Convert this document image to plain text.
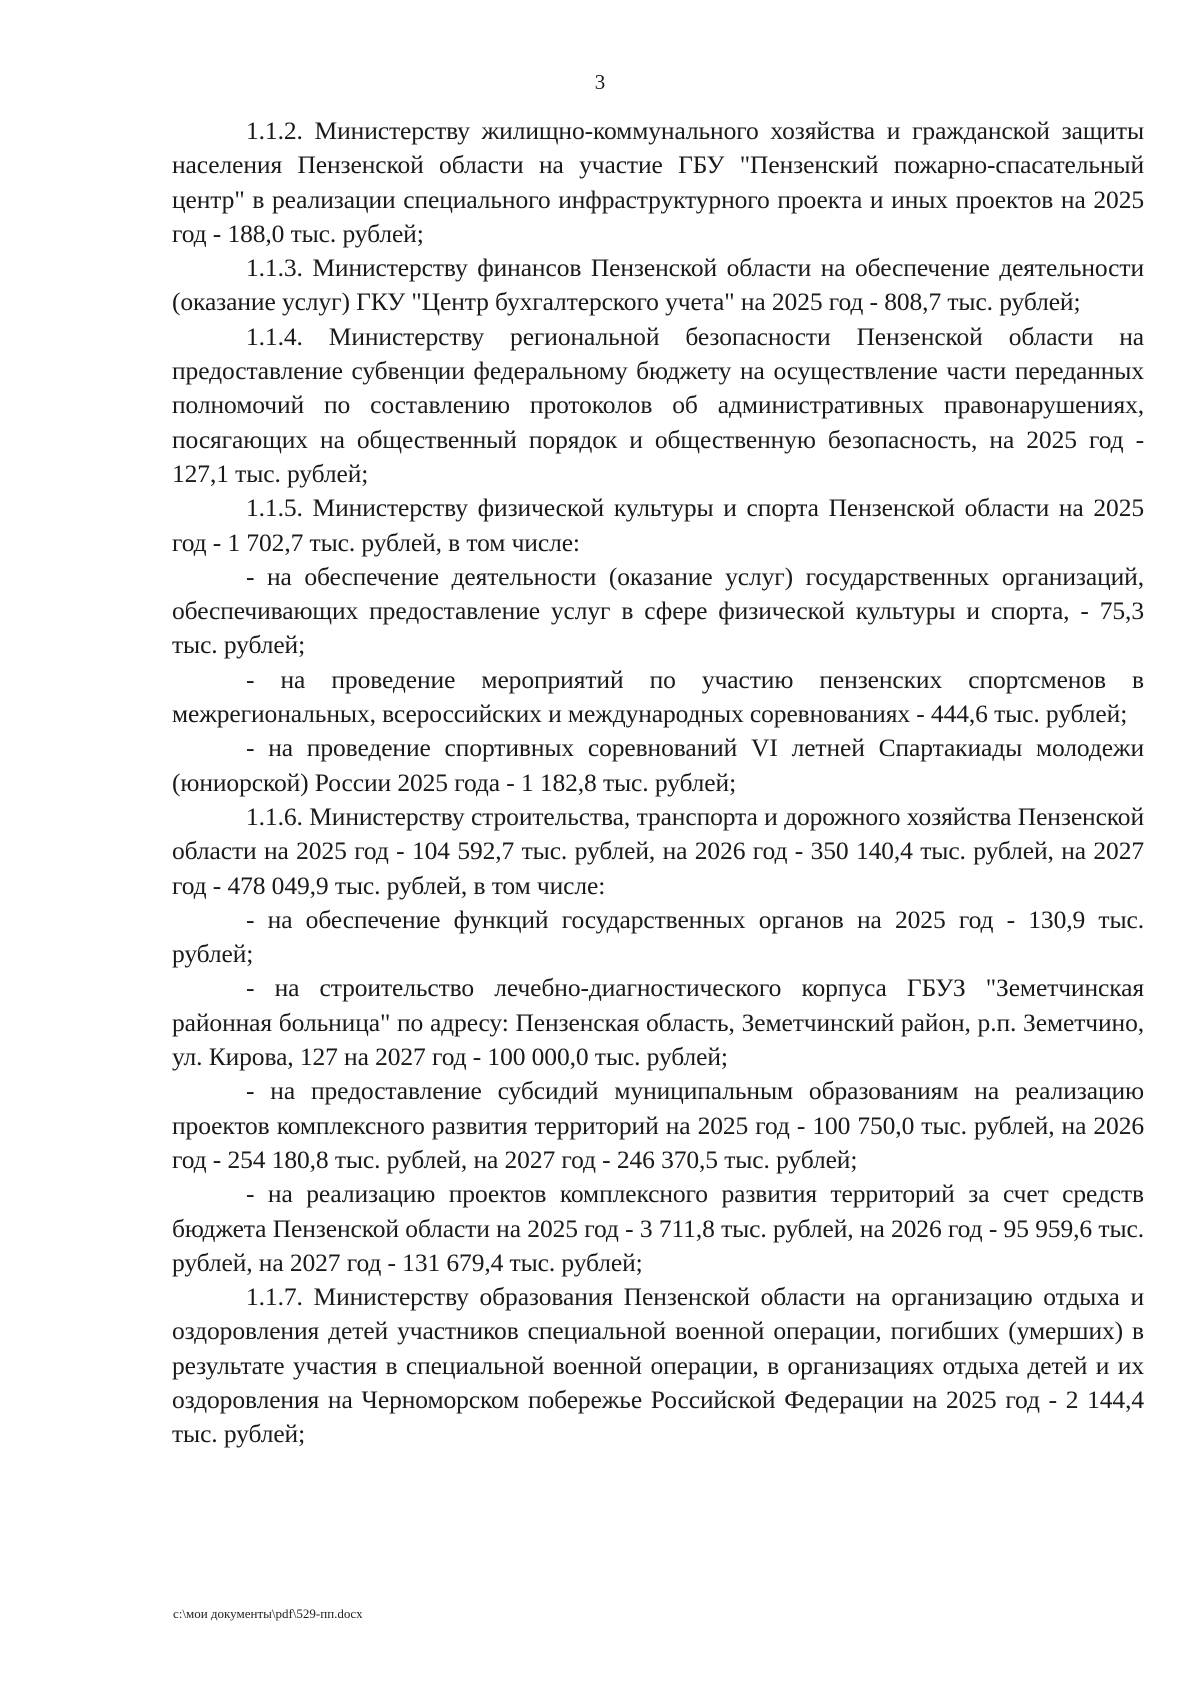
3

1.1.2. Министерству жилищно-коммунального хозяйства и гражданской защиты населения Пензенской области на участие ГБУ "Пензенский пожарно-спасательный центр" в реализации специального инфраструктурного проекта и иных проектов на 2025 год - 188,0 тыс. рублей;

1.1.3. Министерству финансов Пензенской области на обеспечение деятельности (оказание услуг) ГКУ "Центр бухгалтерского учета" на 2025 год - 808,7 тыс. рублей;

1.1.4. Министерству региональной безопасности Пензенской области на предоставление субвенции федеральному бюджету на осуществление части переданных полномочий по составлению протоколов об административных правонарушениях, посягающих на общественный порядок и общественную безопасность, на 2025 год - 127,1 тыс. рублей;

1.1.5. Министерству физической культуры и спорта Пензенской области на 2025 год - 1 702,7 тыс. рублей, в том числе:

- на обеспечение деятельности (оказание услуг) государственных организаций, обеспечивающих предоставление услуг в сфере физической культуры и спорта, - 75,3 тыс. рублей;

- на проведение мероприятий по участию пензенских спортсменов в межрегиональных, всероссийских и международных соревнованиях - 444,6 тыс. рублей;

- на проведение спортивных соревнований VI летней Спартакиады молодежи (юниорской) России 2025 года - 1 182,8 тыс. рублей;

1.1.6. Министерству строительства, транспорта и дорожного хозяйства Пензенской области на 2025 год - 104 592,7 тыс. рублей, на 2026 год - 350 140,4 тыс. рублей, на 2027 год - 478 049,9 тыс. рублей, в том числе:

- на обеспечение функций государственных органов на 2025 год - 130,9 тыс. рублей;

- на строительство лечебно-диагностического корпуса ГБУЗ "Земетчинская районная больница" по адресу: Пензенская область, Земетчинский район, р.п. Земетчино, ул. Кирова, 127 на 2027 год - 100 000,0 тыс. рублей;

- на предоставление субсидий муниципальным образованиям на реализацию проектов комплексного развития территорий на 2025 год - 100 750,0 тыс. рублей, на 2026 год - 254 180,8 тыс. рублей, на 2027 год - 246 370,5 тыс. рублей;

- на реализацию проектов комплексного развития территорий за счет средств бюджета Пензенской области на 2025 год - 3 711,8 тыс. рублей, на 2026 год - 95 959,6 тыс. рублей, на 2027 год - 131 679,4 тыс. рублей;

1.1.7. Министерству образования Пензенской области на организацию отдыха и оздоровления детей участников специальной военной операции, погибших (умерших) в результате участия в специальной военной операции, в организациях отдыха детей и их оздоровления на Черноморском побережье Российской Федерации на 2025 год - 2 144,4 тыс. рублей;

c:\мои документы\pdf\529-пп.docx
